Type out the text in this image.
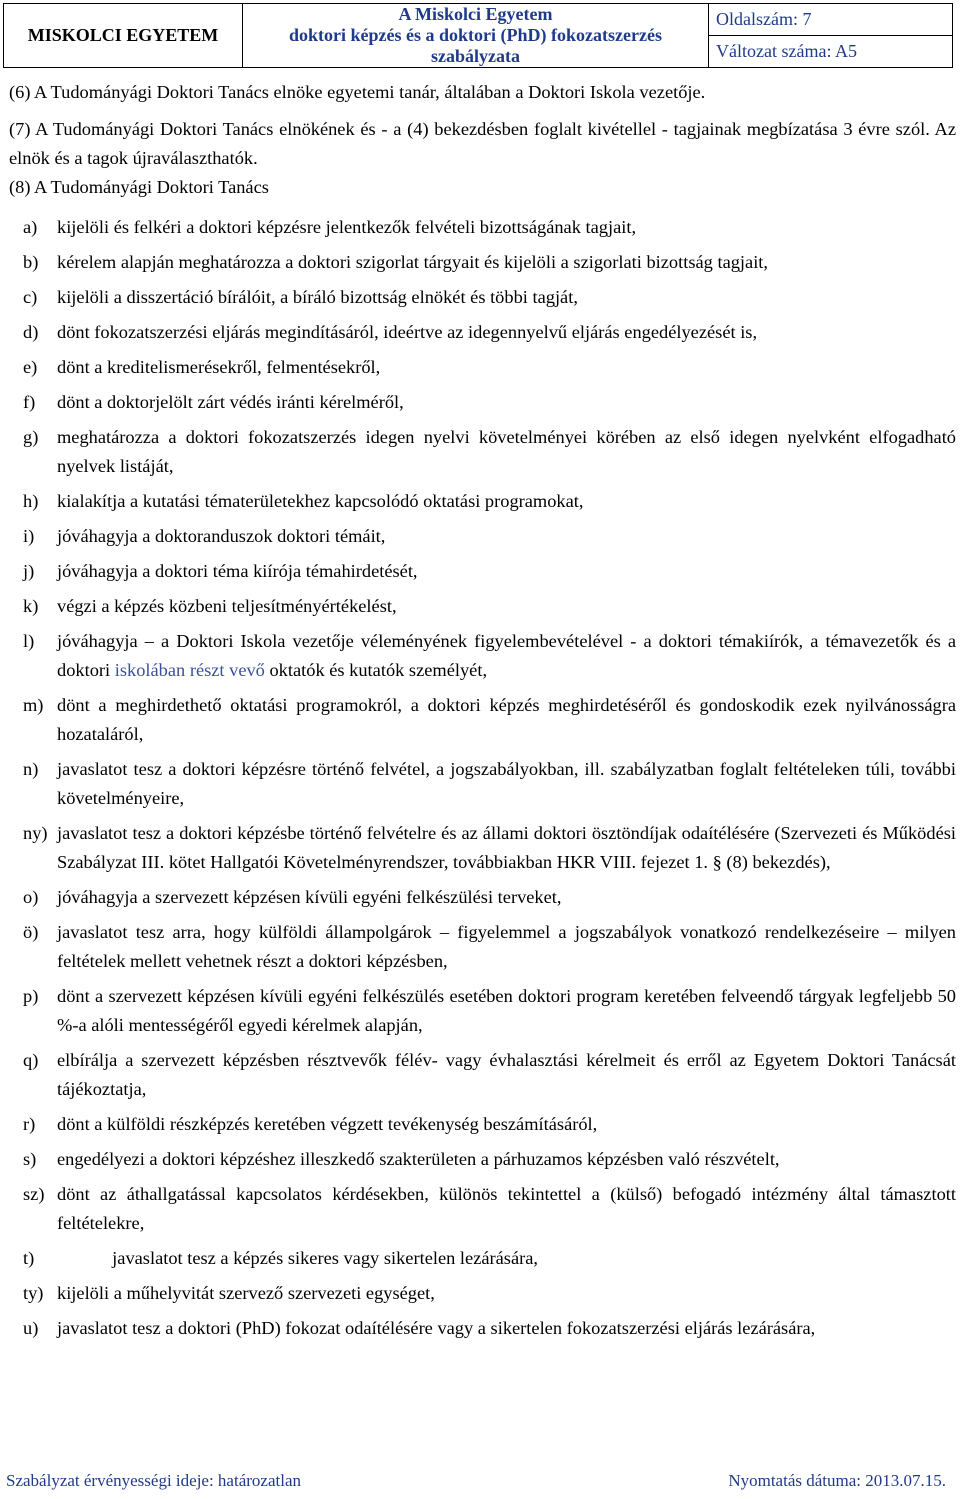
MISKOLCI EGYETEM	
A Miskolci Egyetem
doktori képzés és a doktori (PhD) fokozatszerzés
szabályzata
	Oldalszám: 7
Változat száma: A5
(6) A Tudományági Doktori Tanács elnöke egyetemi tanár, általában a Doktori Iskola vezetője.
(7) A Tudományági Doktori Tanács elnökének és - a (4) bekezdésben foglalt kivétellel - tagjainak megbízatása 3 évre szól. Az elnök és a tagok újraválaszthatók.
(8) A Tudományági Doktori Tanács
a)	kijelöli és felkéri a doktori képzésre jelentkezők felvételi bizottságának tagjait,
b)	kérelem alapján meghatározza a doktori szigorlat tárgyait és kijelöli a szigorlati bizottság tagjait,
c)	kijelöli a disszertáció bírálóit, a bíráló bizottság elnökét és többi tagját,
d)	dönt fokozatszerzési eljárás megindításáról, ideértve az idegennyelvű eljárás engedélyezését is,
e)	dönt a kreditelismerésekről, felmentésekről,
f)	dönt a doktorjelölt zárt védés iránti kérelméről,
g)	meghatározza a doktori fokozatszerzés idegen nyelvi követelményei körében az első idegen nyelvként elfogadható nyelvek listáját,
h)	kialakítja a kutatási tématerületekhez kapcsolódó oktatási programokat,
i)	jóváhagyja a doktoranduszok doktori témáit,
j)	jóváhagyja a doktori téma kiírója témahirdetését,
k)	végzi a képzés közbeni teljesítményértékelést,
l)	jóváhagyja – a Doktori Iskola vezetője véleményének figyelembevételével - a doktori témakiírók, a témavezetők és a doktori iskolában részt vevő oktatók és kutatók személyét,
m) dönt a meghirdethető oktatási programokról, a doktori képzés meghirdetéséről és gondoskodik ezek nyilvánosságra hozataláról,
n)	javaslatot tesz a doktori képzésre történő felvétel, a jogszabályokban, ill. szabályzatban foglalt feltételeken túli, további követelményeire,
ny) javaslatot tesz a doktori képzésbe történő felvételre és az állami doktori ösztöndíjak odaítélésére (Szervezeti és Működési Szabályzat III. kötet Hallgatói Követelményrendszer, továbbiakban HKR VIII. fejezet 1. § (8) bekezdés),
o)	jóváhagyja a szervezett képzésen kívüli egyéni felkészülési terveket,
ö)	javaslatot tesz arra, hogy külföldi állampolgárok – figyelemmel a jogszabályok vonatkozó rendelkezéseire – milyen feltételek mellett vehetnek részt a doktori képzésben,
p)	dönt a szervezett képzésen kívüli egyéni felkészülés esetében doktori program keretében felveendő tárgyak legfeljebb 50 %-a alóli mentességéről egyedi kérelmek alapján,
q)	elbírálja a szervezett képzésben résztvevők félév- vagy évhalasztási kérelmeit és erről az Egyetem Doktori Tanácsát tájékoztatja,
r)	dönt a külföldi részképzés keretében végzett tevékenység beszámításáról,
s)	engedélyezi a doktori képzéshez illeszkedő szakterületen a párhuzamos képzésben való részvételt,
sz) dönt az áthallgatással kapcsolatos kérdésekben, különös tekintettel a (külső) befogadó intézmény által támasztott feltételekre,
t)	javaslatot tesz a képzés sikeres vagy sikertelen lezárására,
ty) kijelöli a műhelyvitát szervező szervezeti egységet,
u)	javaslatot tesz a doktori (PhD) fokozat odaítélésére vagy a sikertelen fokozatszerzési eljárás lezárására,
Szabályzat érvényességi ideje: határozatlan	Nyomtatás dátuma: 2013.07.15.
